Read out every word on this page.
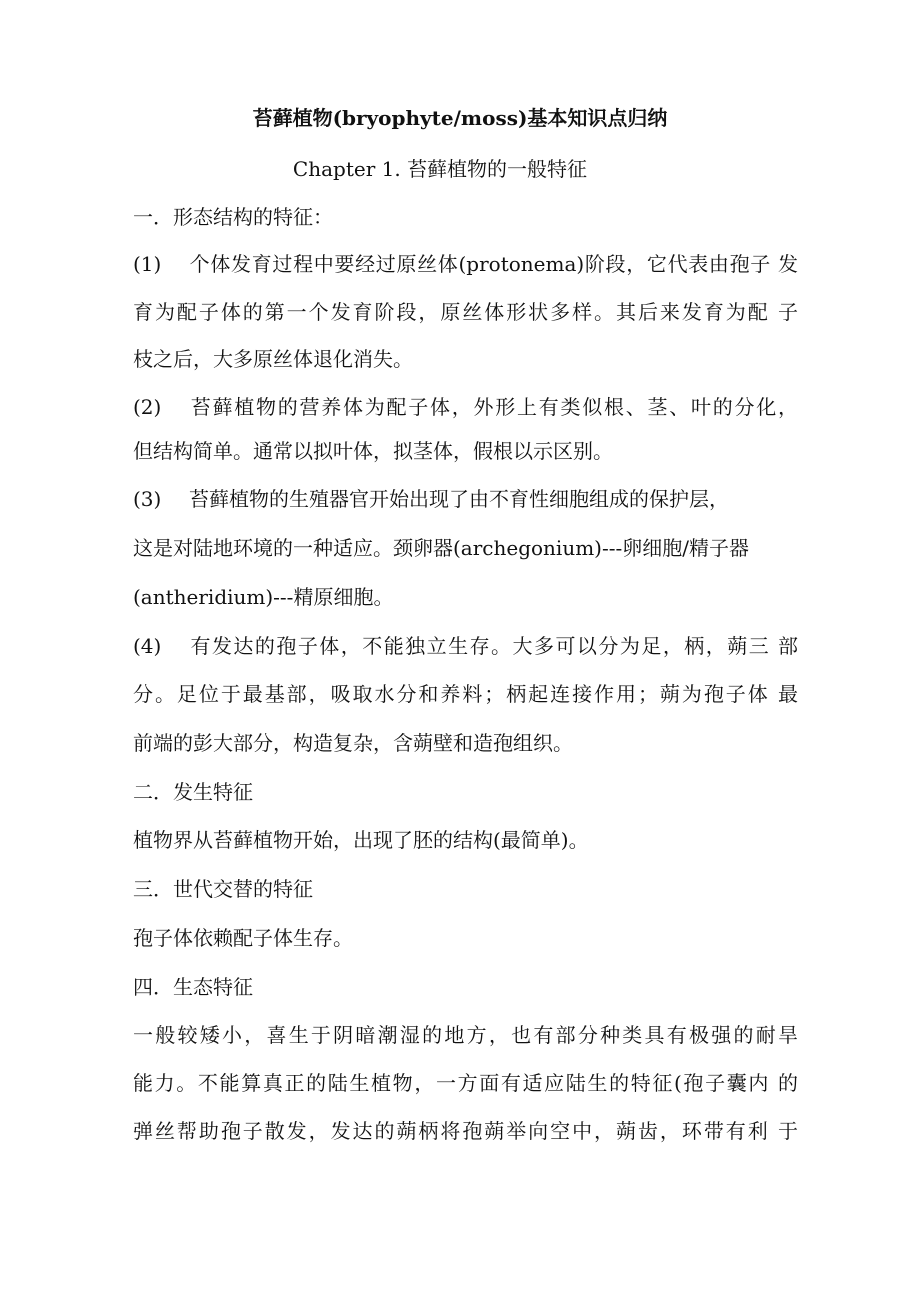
苔藓植物(bryophyte/moss)基本知识点归纳
Chapter 1. 苔藓植物的一般特征
一．形态结构的特征：
(1) 个体发育过程中要经过原丝体(protonema)阶段，它代表由孢子 发
育为配子体的第一个发育阶段，原丝体形状多样。其后来发育为配 子
枝之后，大多原丝体退化消失。
(2) 苔藓植物的营养体为配子体，外形上有类似根、茎、叶的分化，
但结构简单。通常以拟叶体，拟茎体，假根以示区别。
(3) 苔藓植物的生殖器官开始出现了由不育性细胞组成的保护层，
这是对陆地环境的一种适应。颈卵器(archegonium)---卵细胞/精子器
(antheridium)---精原细胞。
(4) 有发达的孢子体，不能独立生存。大多可以分为足，柄，蒴三 部
分。足位于最基部，吸取水分和养料；柄起连接作用；蒴为孢子体 最
前端的彭大部分，构造复杂，含蒴壁和造孢组织。
二．发生特征
植物界从苔藓植物开始，出现了胚的结构(最简单)。
三．世代交替的特征
孢子体依赖配子体生存。
四．生态特征
一般较矮小，喜生于阴暗潮湿的地方，也有部分种类具有极强的耐旱
能力。不能算真正的陆生植物，一方面有适应陆生的特征(孢子囊内 的
弹丝帮助孢子散发，发达的蒴柄将孢蒴举向空中，蒴齿，环带有利 于
